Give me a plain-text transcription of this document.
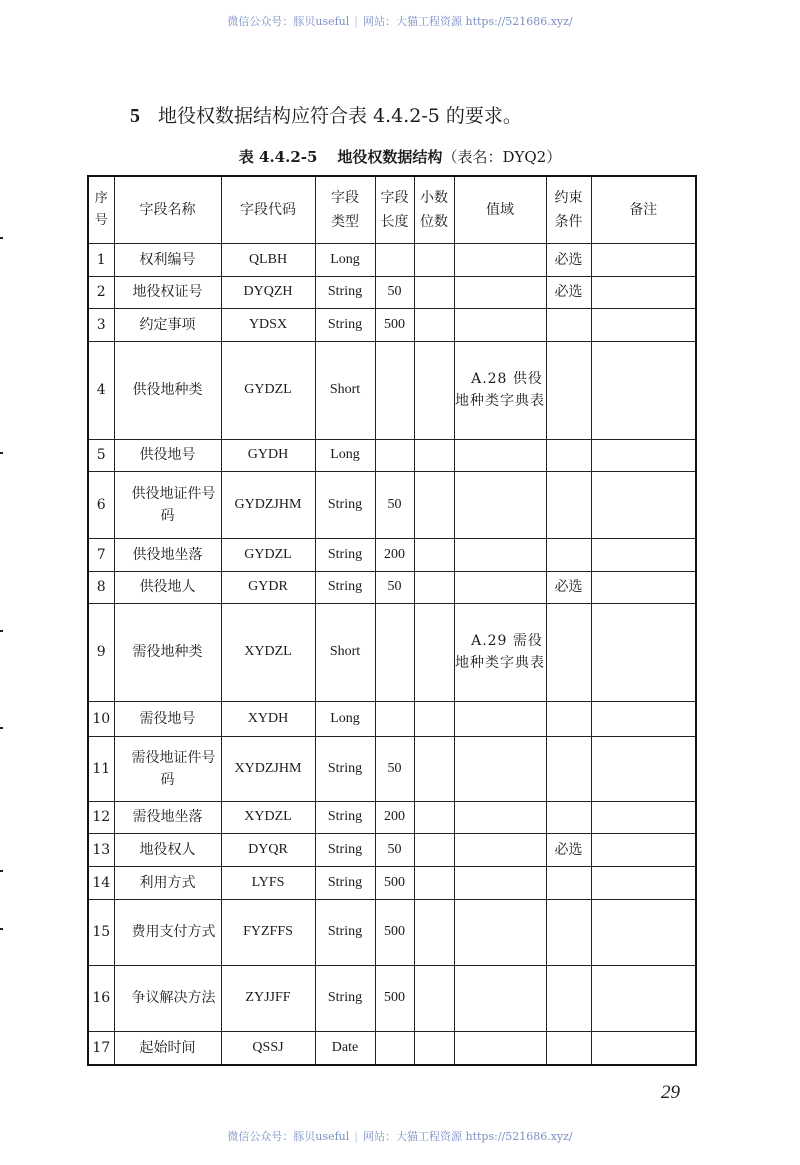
微信公众号：豚贝useful | 网站：大猫工程资源 https://521686.xyz/
5 地役权数据结构应符合表 4.4.2-5 的要求。
表 4.4.2-5 地役权数据结构（表名：DYQ2）
序号	字段名称	字段代码	字段类型	字段长度	小数位数	值域	约束条件	备注
1	权利编号	QLBH	Long				必选	
2	地役权证号	DYQZH	String	50			必选	
3	约定事项	YDSX	String	500				
4	供役地种类	GYDZL	Short			A.28 供役地种类字典表		
5	供役地号	GYDH	Long					
6	供役地证件号码	GYDZJHM	String	50				
7	供役地坐落	GYDZL	String	200				
8	供役地人	GYDR	String	50			必选	
9	需役地种类	XYDZL	Short			A.29 需役地种类字典表		
10	需役地号	XYDH	Long					
11	需役地证件号码	XYDZJHM	String	50				
12	需役地坐落	XYDZL	String	200				
13	地役权人	DYQR	String	50			必选	
14	利用方式	LYFS	String	500				
15	费用支付方式	FYZFFS	String	500				
16	争议解决方法	ZYJJFF	String	500				
17	起始时间	QSSJ	Date					
29
微信公众号：豚贝useful | 网站：大猫工程资源 https://521686.xyz/
